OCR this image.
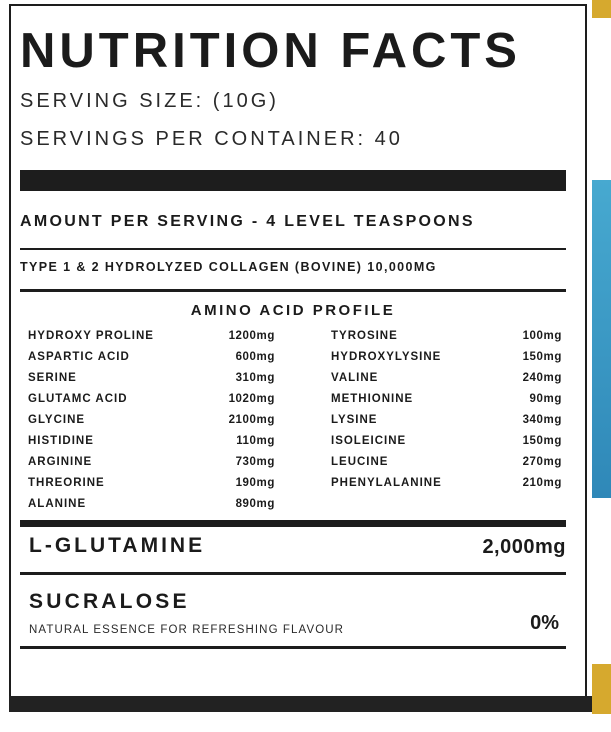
NUTRITION FACTS
SERVING SIZE: (10G)
SERVINGS PER CONTAINER: 40
AMOUNT PER SERVING - 4 LEVEL TEASPOONS
TYPE 1 & 2 HYDROLYZED COLLAGEN (BOVINE) 10,000MG
AMINO ACID PROFILE
HYDROXY PROLINE	1200mg
ASPARTIC ACID	600mg
SERINE	310mg
GLUTAMC ACID	1020mg
GLYCINE	2100mg
HISTIDINE	110mg
ARGININE	730mg
THREORINE	190mg
ALANINE	890mg
TYROSINE	100mg
HYDROXYLYSINE	150mg
VALINE	240mg
METHIONINE	90mg
LYSINE	340mg
ISOLEICINE	150mg
LEUCINE	270mg
PHENYLALANINE	210mg
L-GLUTAMINE	2,000mg
SUCRALOSE
NATURAL ESSENCE FOR REFRESHING FLAVOUR	0%
